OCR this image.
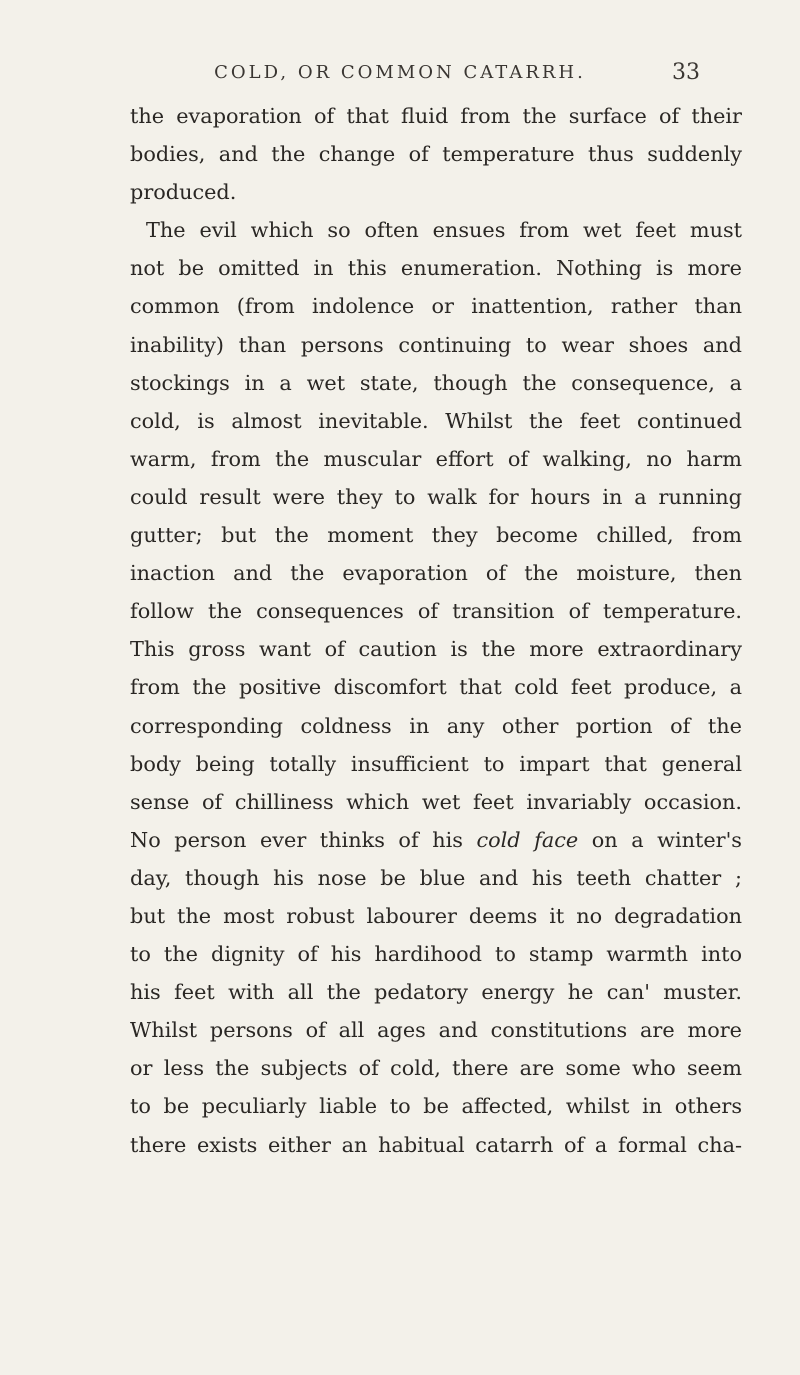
COLD, OR COMMON CATARRH.	33
the evaporation of that fluid from the surface of their
bodies, and the change of temperature thus suddenly
produced.
The evil which so often ensues from wet feet must
not be omitted in this enumeration. Nothing is more
common (from indolence or inattention, rather than
inability) than persons continuing to wear shoes and
stockings in a wet state, though the consequence, a
cold, is almost inevitable. Whilst the feet continued
warm, from the muscular effort of walking, no harm
could result were they to walk for hours in a running
gutter; but the moment they become chilled, from
inaction and the evaporation of the moisture, then
follow the consequences of transition of temperature.
This gross want of caution is the more extraordinary
from the positive discomfort that cold feet produce, a
corresponding coldness in any other portion of the
body being totally insufficient to impart that general
sense of chilliness which wet feet invariably occasion.
No person ever thinks of his cold face on a winter's
day, though his nose be blue and his teeth chatter ;
but the most robust labourer deems it no degradation
to the dignity of his hardihood to stamp warmth into
his feet with all the pedatory energy he can' muster.
Whilst persons of all ages and constitutions are more
or less the subjects of cold, there are some who seem
to be peculiarly liable to be affected, whilst in others
there exists either an habitual catarrh of a formal cha-
